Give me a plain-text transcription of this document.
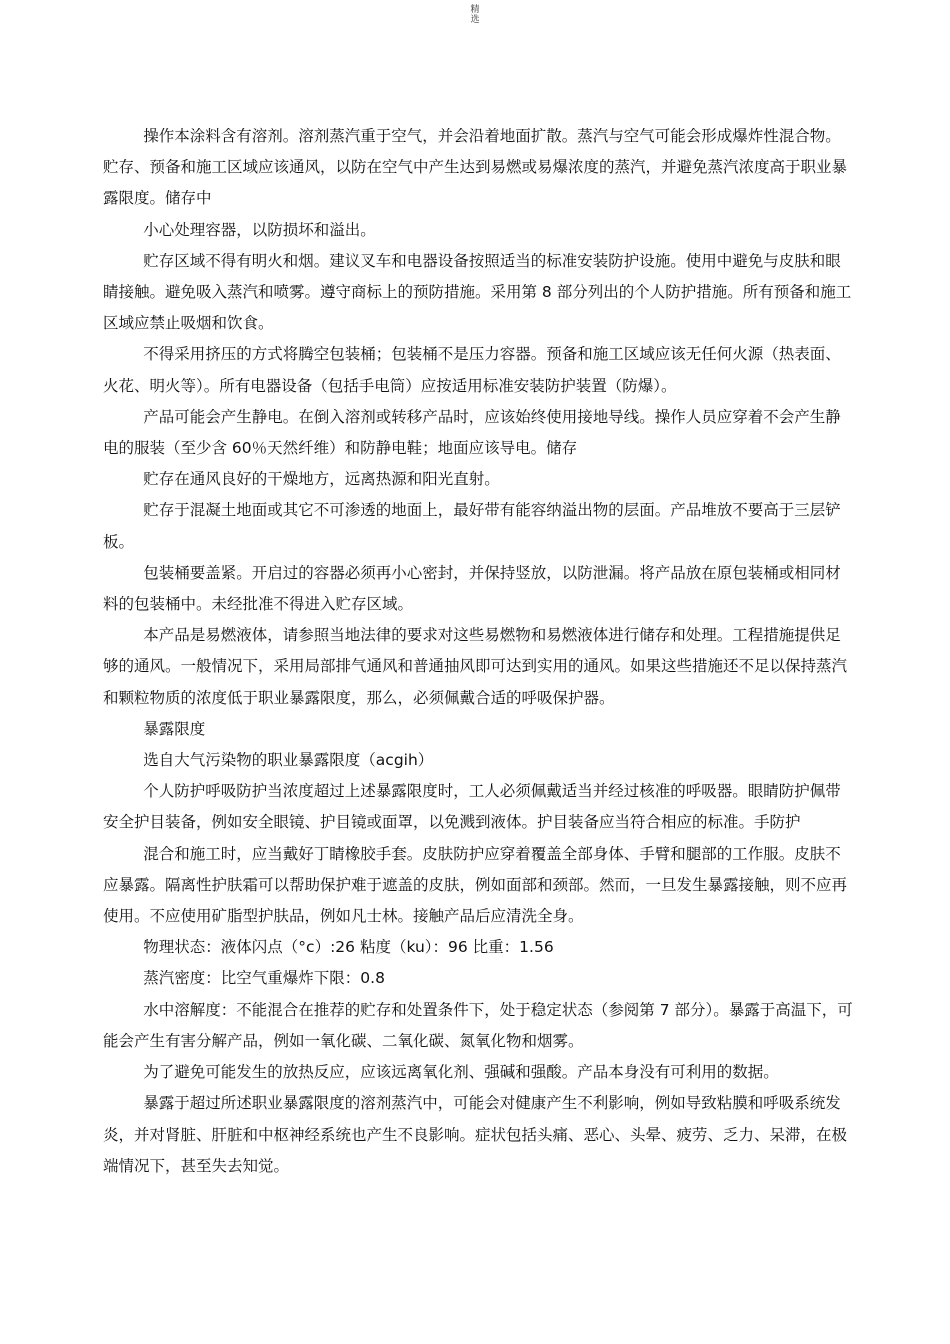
精
选

操作本涂料含有溶剂。溶剂蒸汽重于空气，并会沿着地面扩散。蒸汽与空气可能会形成爆炸性混合物。贮存、预备和施工区域应该通风，以防在空气中产生达到易燃或易爆浓度的蒸汽，并避免蒸汽浓度高于职业暴露限度。储存中

小心处理容器，以防损坏和溢出。

贮存区域不得有明火和烟。建议叉车和电器设备按照适当的标准安装防护设施。使用中避免与皮肤和眼睛接触。避免吸入蒸汽和喷雾。遵守商标上的预防措施。采用第 8 部分列出的个人防护措施。所有预备和施工区域应禁止吸烟和饮食。

不得采用挤压的方式将腾空包装桶；包装桶不是压力容器。预备和施工区域应该无任何火源（热表面、火花、明火等）。所有电器设备（包括手电筒）应按适用标准安装防护装置（防爆）。

产品可能会产生静电。在倒入溶剂或转移产品时，应该始终使用接地导线。操作人员应穿着不会产生静电的服装（至少含 60％天然纤维）和防静电鞋；地面应该导电。储存

贮存在通风良好的干燥地方，远离热源和阳光直射。

贮存于混凝土地面或其它不可渗透的地面上，最好带有能容纳溢出物的层面。产品堆放不要高于三层铲板。

包装桶要盖紧。开启过的容器必须再小心密封，并保持竖放，以防泄漏。将产品放在原包装桶或相同材料的包装桶中。未经批准不得进入贮存区域。

本产品是易燃液体，请参照当地法律的要求对这些易燃物和易燃液体进行储存和处理。工程措施提供足够的通风。一般情况下，采用局部排气通风和普通抽风即可达到实用的通风。如果这些措施还不足以保持蒸汽和颗粒物质的浓度低于职业暴露限度，那么，必须佩戴合适的呼吸保护器。

暴露限度

选自大气污染物的职业暴露限度（acgih）

个人防护呼吸防护当浓度超过上述暴露限度时，工人必须佩戴适当并经过核准的呼吸器。眼睛防护佩带安全护目装备，例如安全眼镜、护目镜或面罩，以免溅到液体。护目装备应当符合相应的标准。手防护

混合和施工时，应当戴好丁睛橡胶手套。皮肤防护应穿着覆盖全部身体、手臂和腿部的工作服。皮肤不应暴露。隔离性护肤霜可以帮助保护难于遮盖的皮肤，例如面部和颈部。然而，一旦发生暴露接触，则不应再使用。不应使用矿脂型护肤品，例如凡士林。接触产品后应清洗全身。

物理状态：液体闪点（°c）:26 粘度（ku）：96 比重：1.56

蒸汽密度：比空气重爆炸下限：0.8

水中溶解度：不能混合在推荐的贮存和处置条件下，处于稳定状态（参阅第 7 部分）。暴露于高温下，可能会产生有害分解产品，例如一氧化碳、二氧化碳、氮氧化物和烟雾。

为了避免可能发生的放热反应，应该远离氧化剂、强碱和强酸。产品本身没有可利用的数据。

暴露于超过所述职业暴露限度的溶剂蒸汽中，可能会对健康产生不利影响，例如导致粘膜和呼吸系统发炎，并对肾脏、肝脏和中枢神经系统也产生不良影响。症状包括头痛、恶心、头晕、疲劳、乏力、呆滞，在极端情况下，甚至失去知觉。
